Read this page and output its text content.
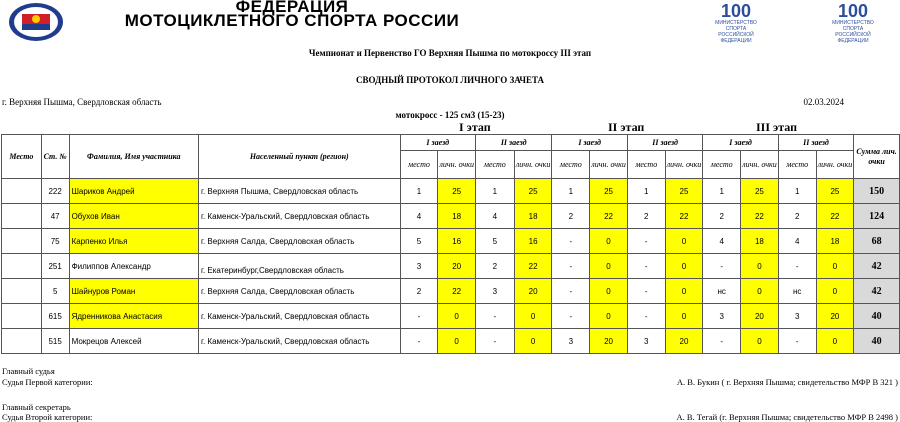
ФЕДЕРАЦИЯ
МОТОЦИКЛЕТНОГО СПОРТА РОССИИ	100
МИНИСТЕРСТВО СПОРТА
РОССИЙСКОЙ ФЕДЕРАЦИИ
100
МИНИСТЕРСТВО СПОРТА
РОССИЙСКОЙ ФЕДЕРАЦИИ
Чемпионат и Первенство ГО Верхняя Пышма по мотокроссу III этап
СВОДНЫЙ ПРОТОКОЛ ЛИЧНОГО ЗАЧЕТА
г. Верхняя Пышма, Свердловская область	02.03.2024
мотокросс - 125 см3 (15-23)
I этап	II этап	III этап
Место	Ст. №	Фамилия, Имя участника	Населенный пункт (регион)	I заезд		II заезд		I заезд		II заезд		I заезд		II заезд		Сумма лич. очки
				место	личн. очки	место	личн. очки	место	личн. очки	место	личн. очки	место	личн. очки	место	личн. очки	
	222	Шариков Андрей	г. Верхняя Пышма, Свердловская область	1	25	1	25	1	25	1	25	1	25	1	25	150
	47	Обухов Иван	г. Каменск-Уральский, Свердловская область	4	18	4	18	2	22	2	22	2	22	2	22	124
	75	Карпенко Илья	г. Верхняя Салда, Свердловская область	5	16	5	16	-	0	-	0	4	18	4	18	68
	251	Филиппов Александр	г. Екатеринбург,Свердловская область	3	20	2	22	-	0	-	0	-	0	-	0	42
	5	Шайнуров Роман	г. Верхняя Салда, Свердловская область	2	22	3	20	-	0	-	0	нс	0	нс	0	42
	615	Ядренникова Анастасия	г. Каменск-Уральский, Свердловская область	-	0	-	0	-	0	-	0	3	20	3	20	40
	515	Мокрецов Алексей	г. Каменск-Уральский, Свердловская область	-	0	-	0	3	20	3	20	-	0	-	0	40
Главный судья
Судья Первой категории:	А. В. Букин ( г. Верхняя Пышма; свидетельство МФР В 321 )
Главный секретарь
Судья Второй категории:	А. В. Тегай (г. Верхняя Пышма; свидетельство МФР В 2498 )
